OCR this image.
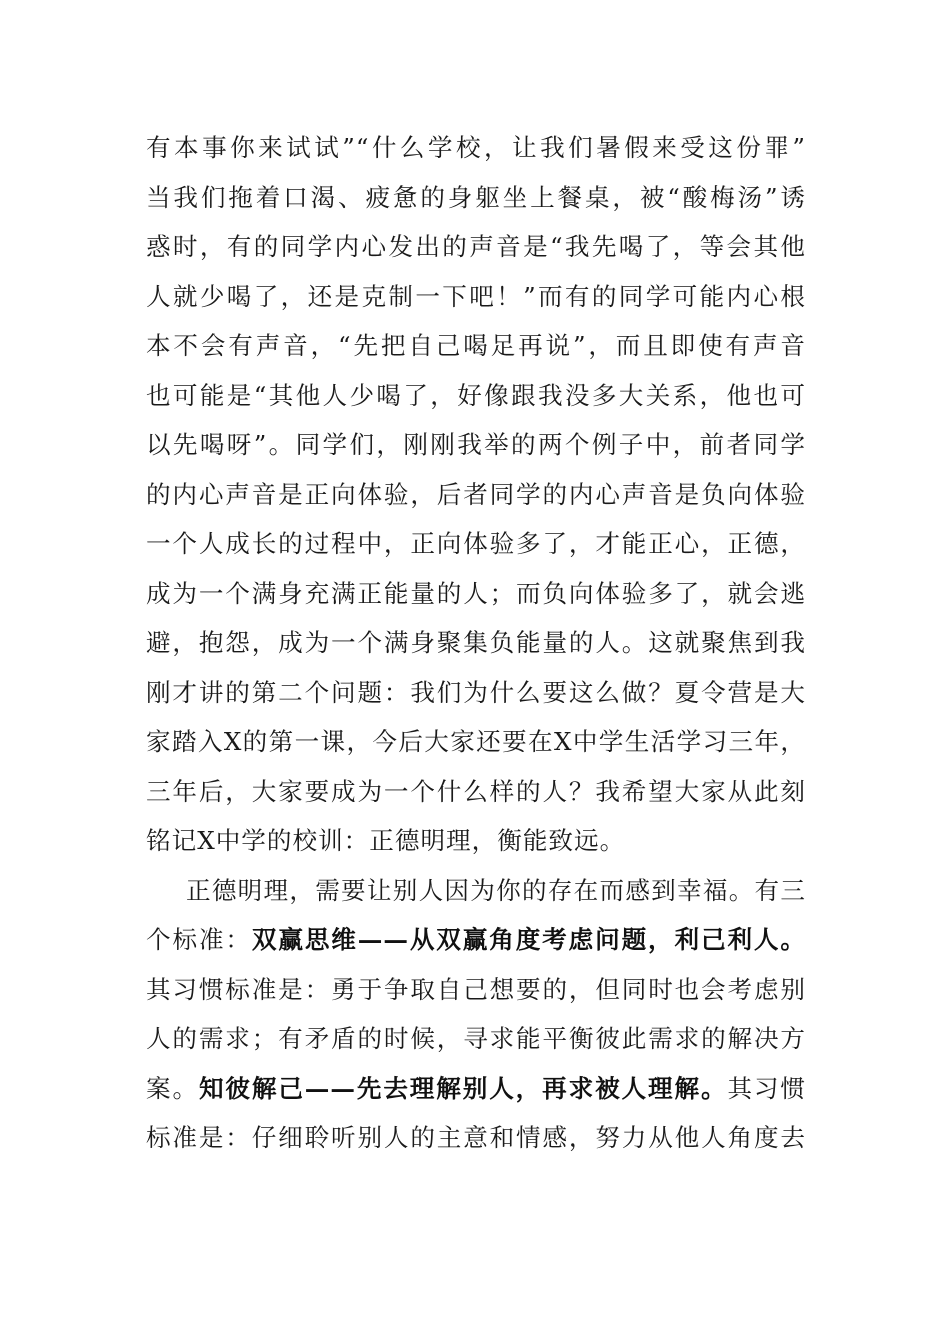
有本事你来试试”“什么学校，让我们暑假来受这份罪”
当我们拖着口渴、疲惫的身躯坐上餐桌，被“酸梅汤”诱
惑时，有的同学内心发出的声音是“我先喝了，等会其他
人就少喝了，还是克制一下吧！”而有的同学可能内心根
本不会有声音，“先把自己喝足再说”，而且即使有声音
也可能是“其他人少喝了，好像跟我没多大关系，他也可
以先喝呀”。同学们，刚刚我举的两个例子中，前者同学
的内心声音是正向体验，后者同学的内心声音是负向体验
一个人成长的过程中，正向体验多了，才能正心，正德，
成为一个满身充满正能量的人；而负向体验多了，就会逃
避，抱怨，成为一个满身聚集负能量的人。这就聚焦到我
刚才讲的第二个问题：我们为什么要这么做？夏令营是大
家踏入X的第一课，今后大家还要在X中学生活学习三年，
三年后，大家要成为一个什么样的人？我希望大家从此刻
铭记X中学的校训：正德明理，衡能致远。
正德明理，需要让别人因为你的存在而感到幸福。有三
个标准：双赢思维——从双赢角度考虑问题，利己利人。
其习惯标准是：勇于争取自己想要的，但同时也会考虑别
人的需求；有矛盾的时候，寻求能平衡彼此需求的解决方
案。知彼解己——先去理解别人，再求被人理解。其习惯
标准是：仔细聆听别人的主意和情感，努力从他人角度去
